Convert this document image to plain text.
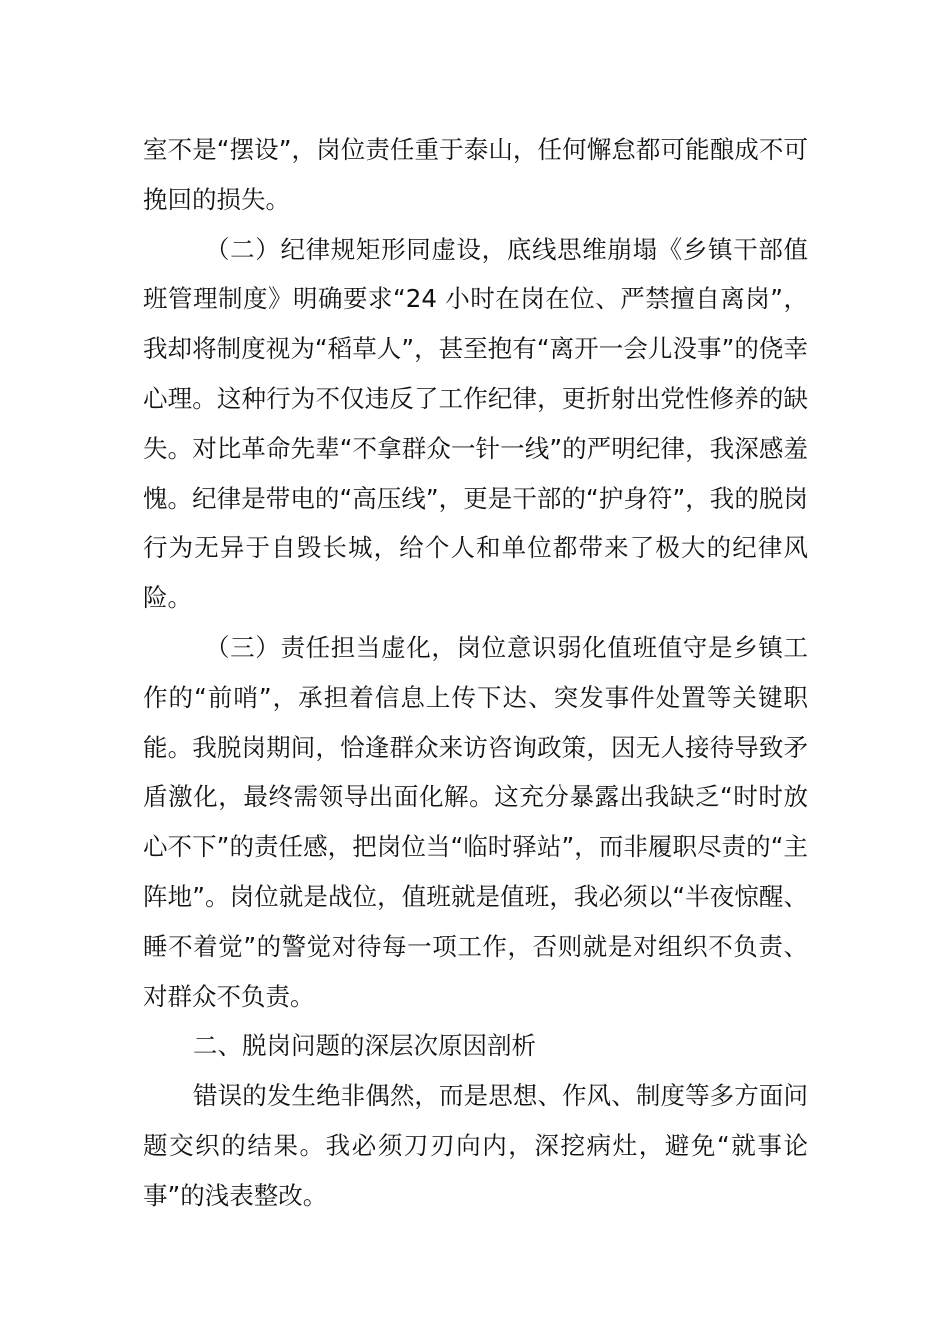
室不是“摆设”，岗位责任重于泰山，任何懈怠都可能酿成不可挽回的损失。

（二）纪律规矩形同虚设，底线思维崩塌《乡镇干部值班管理制度》明确要求“24 小时在岗在位、严禁擅自离岗”，我却将制度视为“稻草人”，甚至抱有“离开一会儿没事”的侥幸心理。这种行为不仅违反了工作纪律，更折射出党性修养的缺失。对比革命先辈“不拿群众一针一线”的严明纪律，我深感羞愧。纪律是带电的“高压线”，更是干部的“护身符”，我的脱岗行为无异于自毁长城，给个人和单位都带来了极大的纪律风险。

（三）责任担当虚化，岗位意识弱化值班值守是乡镇工作的“前哨”，承担着信息上传下达、突发事件处置等关键职能。我脱岗期间，恰逢群众来访咨询政策，因无人接待导致矛盾激化，最终需领导出面化解。这充分暴露出我缺乏“时时放心不下”的责任感，把岗位当“临时驿站”，而非履职尽责的“主阵地”。岗位就是战位，值班就是值班，我必须以“半夜惊醒、睡不着觉”的警觉对待每一项工作，否则就是对组织不负责、对群众不负责。

二、脱岗问题的深层次原因剖析

错误的发生绝非偶然，而是思想、作风、制度等多方面问题交织的结果。我必须刀刃向内，深挖病灶，避免“就事论事”的浅表整改。
